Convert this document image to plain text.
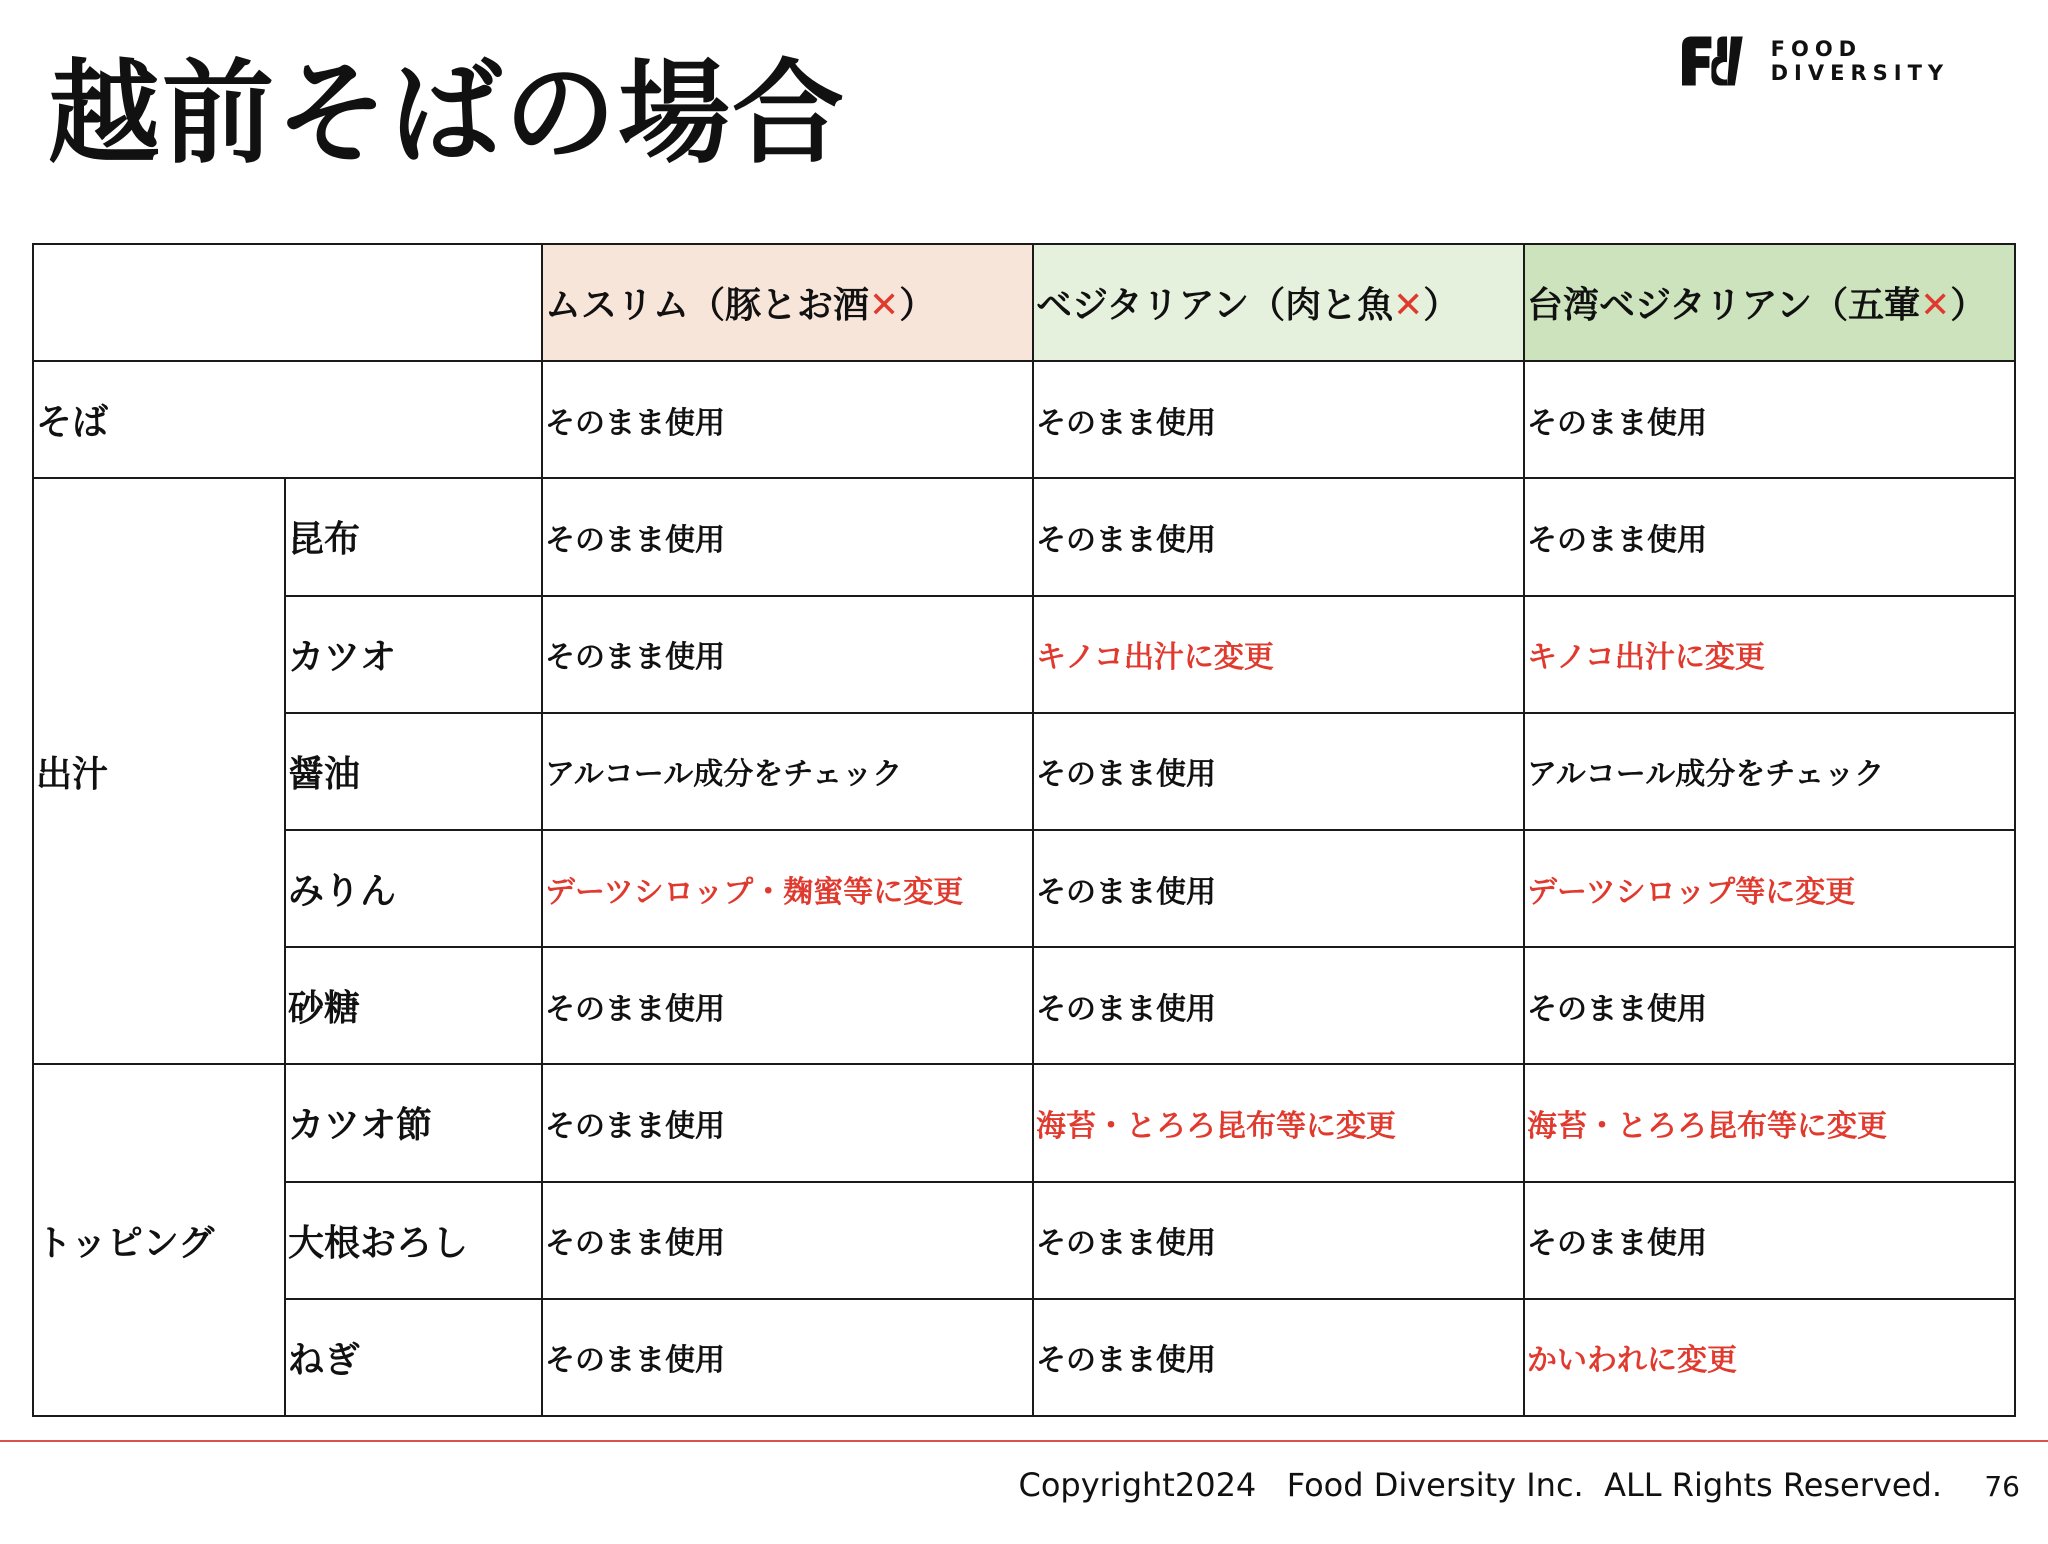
越前そばの場合	FOOD DIVERSITY
		ムスリム（豚とお酒✕）	ベジタリアン（肉と魚✕）	台湾ベジタリアン（五葷✕）
そば		そのまま使用	そのまま使用	そのまま使用
出汁	昆布	そのまま使用	そのまま使用	そのまま使用
	カツオ	そのまま使用	キノコ出汁に変更	キノコ出汁に変更
	醤油	アルコール成分をチェック	そのまま使用	アルコール成分をチェック
	みりん	デーツシロップ・麹蜜等に変更	そのまま使用	デーツシロップ等に変更
	砂糖	そのまま使用	そのまま使用	そのまま使用
トッピング	カツオ節	そのまま使用	海苔・とろろ昆布等に変更	海苔・とろろ昆布等に変更
	大根おろし	そのまま使用	そのまま使用	そのまま使用
	ねぎ	そのまま使用	そのまま使用	かいわれに変更
Copyright2024   Food Diversity Inc.  ALL Rights Reserved. 76
